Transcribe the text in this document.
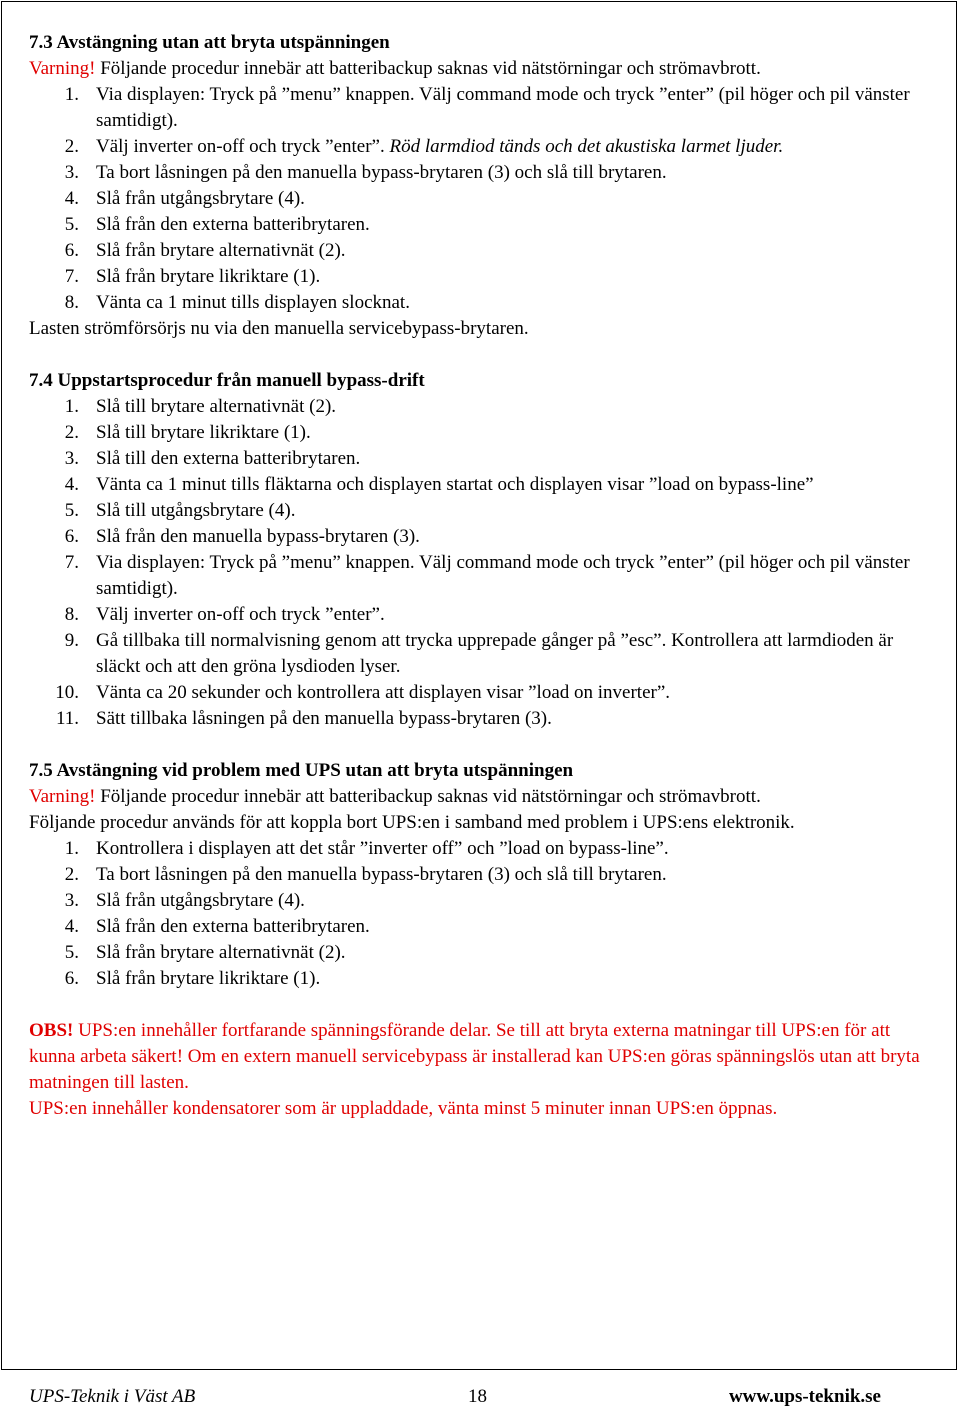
7.3 Avstängning utan att bryta utspänningen

Varning! Följande procedur innebär att batteribackup saknas vid nätstörningar och strömavbrott.

1. Via displayen: Tryck på ”menu” knappen. Välj command mode och tryck ”enter” (pil höger och pil vänster samtidigt).
2. Välj inverter on-off och tryck ”enter”. Röd larmdiod tänds och det akustiska larmet ljuder.
3. Ta bort låsningen på den manuella bypass-brytaren (3) och slå till brytaren.
4. Slå från utgångsbrytare (4).
5. Slå från den externa batteribrytaren.
6. Slå från brytare alternativnät (2).
7. Slå från brytare likriktare (1).
8. Vänta ca 1 minut tills displayen slocknat.

Lasten strömförsörjs nu via den manuella servicebypass-brytaren.

7.4 Uppstartsprocedur från manuell bypass-drift
1. Slå till brytare alternativnät (2).
2. Slå till brytare likriktare (1).
3. Slå till den externa batteribrytaren.
4. Vänta ca 1 minut tills fläktarna och displayen startat och displayen visar ”load on bypass-line”
5. Slå till utgångsbrytare (4).
6. Slå från den manuella bypass-brytaren (3).
7. Via displayen: Tryck på ”menu” knappen. Välj command mode och tryck ”enter” (pil höger och pil vänster samtidigt).
8. Välj inverter on-off och tryck ”enter”.
9. Gå tillbaka till normalvisning genom att trycka upprepade gånger på ”esc”. Kontrollera att larmdioden är släckt och att den gröna lysdioden lyser.
10. Vänta ca 20 sekunder och kontrollera att displayen visar ”load on inverter”.
11. Sätt tillbaka låsningen på den manuella bypass-brytaren (3).
7.5 Avstängning vid problem med UPS utan att bryta utspänningen

Varning! Följande procedur innebär att batteribackup saknas vid nätstörningar och strömavbrott.

Följande procedur används för att koppla bort UPS:en i samband med problem i UPS:ens elektronik.

1. Kontrollera i displayen att det står ”inverter off” och ”load on bypass-line”.
2. Ta bort låsningen på den manuella bypass-brytaren (3) och slå till brytaren.
3. Slå från utgångsbrytare (4).
4. Slå från den externa batteribrytaren.
5. Slå från brytare alternativnät (2).
6. Slå från brytare likriktare (1).

OBS! UPS:en innehåller fortfarande spänningsförande delar. Se till att bryta externa matningar till UPS:en för att kunna arbeta säkert! Om en extern manuell servicebypass är installerad kan UPS:en göras spänningslös utan att bryta matningen till lasten.

UPS:en innehåller kondensatorer som är uppladdade, vänta minst 5 minuter innan UPS:en öppnas.

UPS-Teknik i Väst AB	18	www.ups-teknik.se
